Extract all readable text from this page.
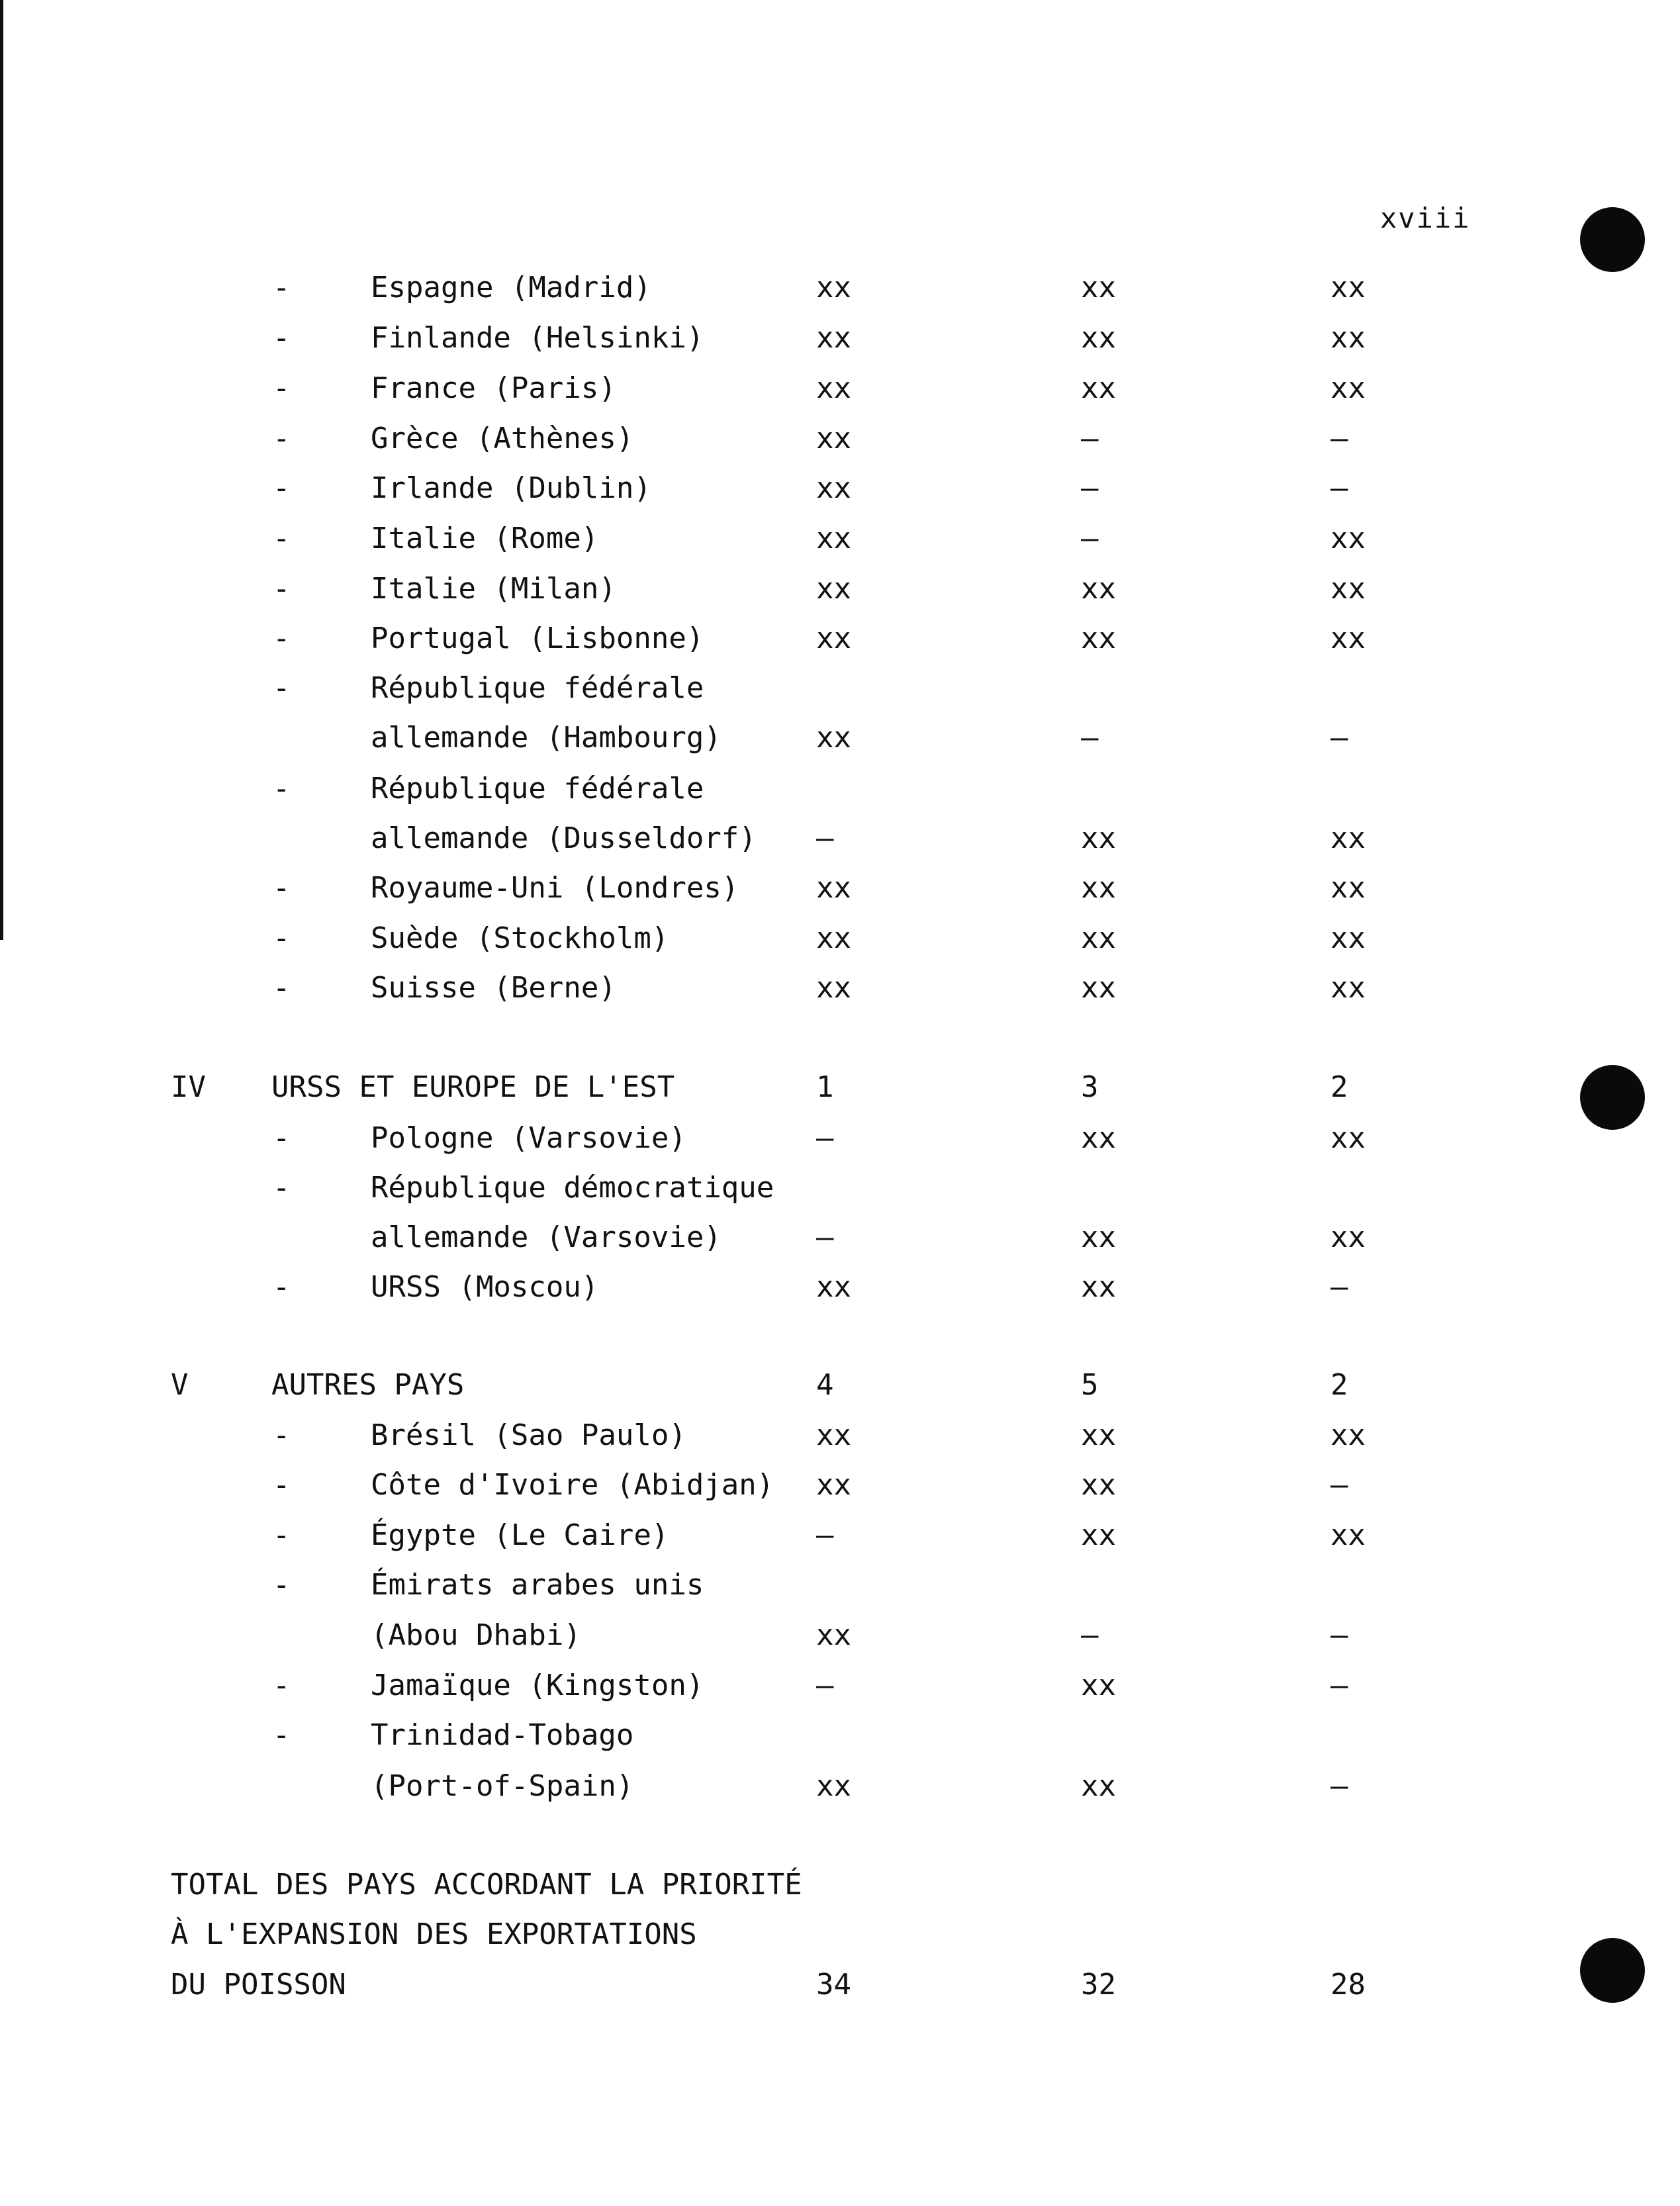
xviii
-	Espagne (Madrid)	xx	xx	xx
-	Finlande (Helsinki)	xx	xx	xx
-	France (Paris)	xx	xx	xx
-	Grèce (Athènes)	xx	—	—
-	Irlande (Dublin)	xx	—	—
-	Italie (Rome)	xx	—	xx
-	Italie (Milan)	xx	xx	xx
-	Portugal (Lisbonne)	xx	xx	xx
-	République fédérale
allemande (Hambourg)	xx	—	—
-	République fédérale
allemande (Dusseldorf) —	xx	xx
-	Royaume-Uni (Londres)	xx	xx	xx
-	Suède (Stockholm)	xx	xx	xx
-	Suisse (Berne)	xx	xx	xx
IV URSS ET EUROPE DE L'EST	1	3	2
-	Pologne (Varsovie)	—	xx	xx
-	République démocratique
allemande (Varsovie)	—	xx	xx
-	URSS (Moscou)	xx	xx	—
V	AUTRES PAYS	4	5	2
-	Brésil (Sao Paulo)	xx	xx	xx
-	Côte d'Ivoire (Abidjan) xx	xx	—
-	Égypte (Le Caire)	—	xx	xx
-	Émirats arabes unis
(Abou Dhabi)	xx	—	—
-	Jamaïque (Kingston)	—	xx	—
-	Trinidad-Tobago
(Port-of-Spain)	xx	xx	—
TOTAL DES PAYS ACCORDANT LA PRIORITÉ
À L'EXPANSION DES EXPORTATIONS
DU POISSON	34	32	28
